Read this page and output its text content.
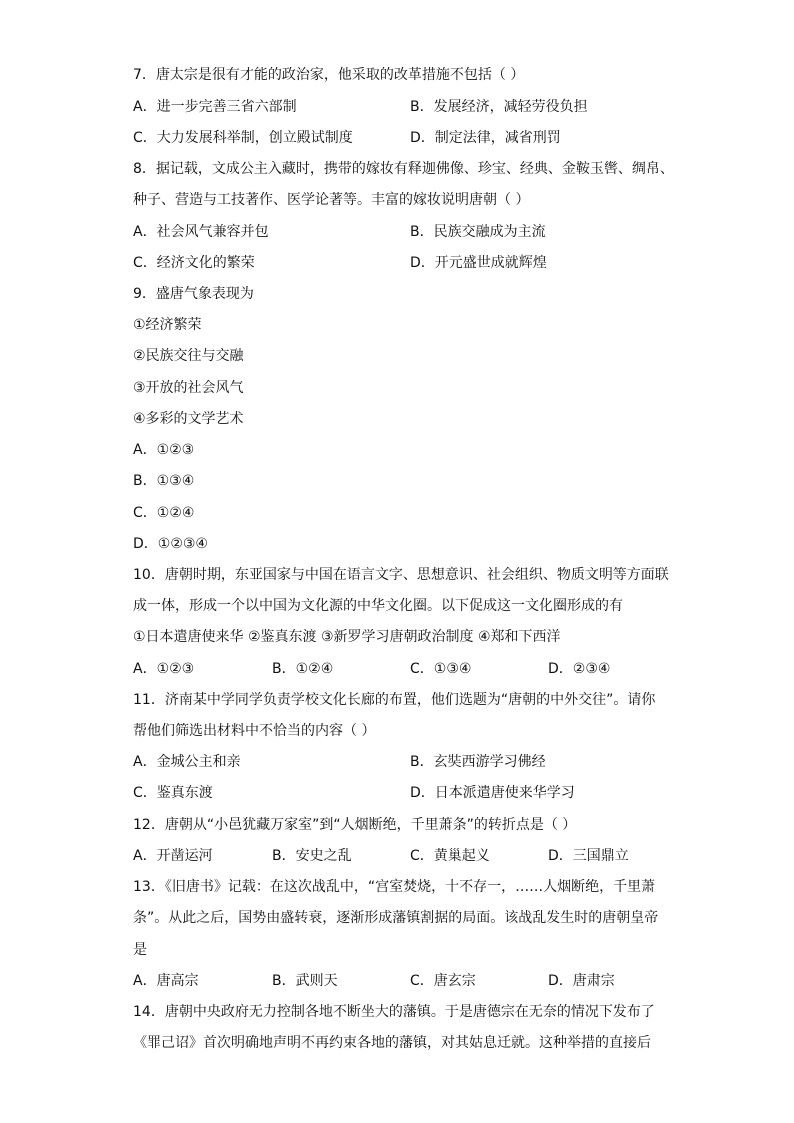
7．唐太宗是很有才能的政治家，他采取的改革措施不包括（ ）
A．进一步完善三省六部制	B．发展经济，减轻劳役负担
C．大力发展科举制，创立殿试制度	D．制定法律，减省刑罚
8．据记载，文成公主入藏时，携带的嫁妆有释迦佛像、珍宝、经典、金鞍玉辔、绸帛、
种子、营造与工技著作、医学论著等。丰富的嫁妆说明唐朝（ ）
A．社会风气兼容并包	B．民族交融成为主流
C．经济文化的繁荣	D．开元盛世成就辉煌
9．盛唐气象表现为
①经济繁荣
②民族交往与交融
③开放的社会风气
④多彩的文学艺术
A．①②③
B．①③④
C．①②④
D．①②③④
10．唐朝时期，东亚国家与中国在语言文字、思想意识、社会组织、物质文明等方面联
成一体，形成一个以中国为文化源的中华文化圈。以下促成这一文化圈形成的有
①日本遣唐使来华 ②鉴真东渡 ③新罗学习唐朝政治制度 ④郑和下西洋
A．①②③	B．①②④	C．①③④	D．②③④
11．济南某中学同学负责学校文化长廊的布置，他们选题为“唐朝的中外交往”。请你
帮他们筛选出材料中不恰当的内容（ ）
A．金城公主和亲	B．玄奘西游学习佛经
C．鉴真东渡	D．日本派遣唐使来华学习
12．唐朝从“小邑犹藏万家室”到“人烟断绝，千里萧条”的转折点是（ ）
A．开凿运河	B．安史之乱	C．黄巢起义	D．三国鼎立
13．《旧唐书》记载：在这次战乱中，“宫室焚烧，十不存一，……人烟断绝，千里萧
条”。从此之后，国势由盛转衰，逐渐形成藩镇割据的局面。该战乱发生时的唐朝皇帝
是
A．唐高宗	B．武则天	C．唐玄宗	D．唐肃宗
14．唐朝中央政府无力控制各地不断坐大的藩镇。于是唐德宗在无奈的情况下发布了
《罪己诏》首次明确地声明不再约束各地的藩镇，对其姑息迁就。这种举措的直接后
